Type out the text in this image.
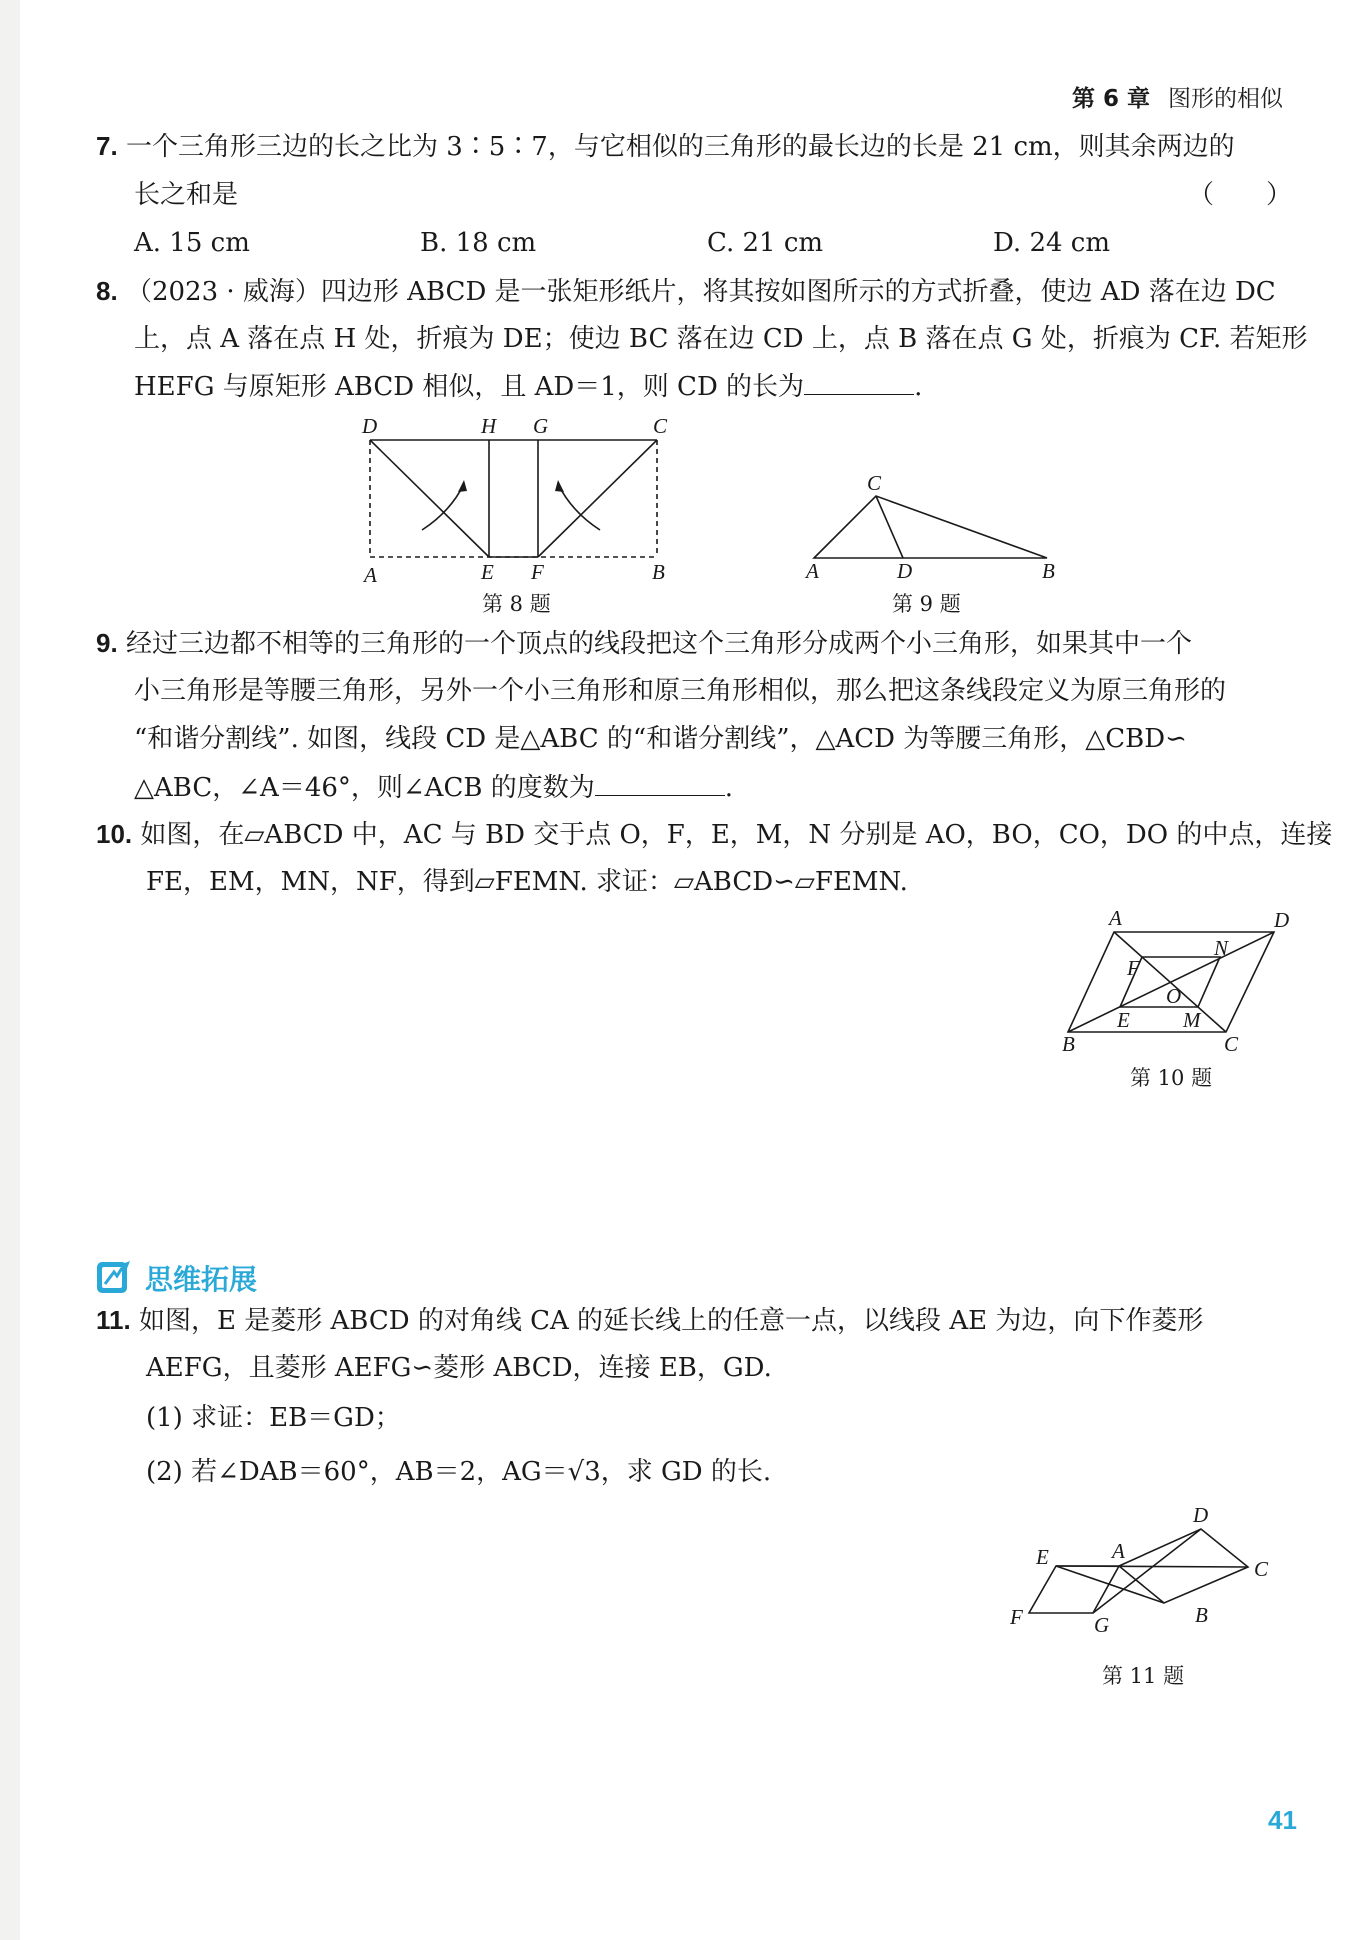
第 6 章 图形的相似
7. 一个三角形三边的长之比为 3∶5∶7，与它相似的三角形的最长边的长是 21 cm，则其余两边的
长之和是	（　　）
A. 15 cm	B. 18 cm	C. 21 cm	D. 24 cm
8. （2023 · 威海）四边形 ABCD 是一张矩形纸片，将其按如图所示的方式折叠，使边 AD 落在边 DC
上，点 A 落在点 H 处，折痕为 DE；使边 BC 落在边 CD 上，点 B 落在点 G 处，折痕为 CF. 若矩形
HEFG 与原矩形 ABCD 相似，且 AD＝1，则 CD 的长为	.
D	H G	C
A	E F	B
第 8 题
C
A	D	B
第 9 题
9. 经过三边都不相等的三角形的一个顶点的线段把这个三角形分成两个小三角形，如果其中一个
小三角形是等腰三角形，另外一个小三角形和原三角形相似，那么把这条线段定义为原三角形的
“和谐分割线”. 如图，线段 CD 是△ABC 的“和谐分割线”，△ACD 为等腰三角形，△CBD∽
△ABC，∠A＝46°，则∠ACB 的度数为	.
10. 如图，在▱ABCD 中，AC 与 BD 交于点 O，F，E，M，N 分别是 AO，BO，CO，DO 的中点，连接
FE，EM，MN，NF，得到▱FEMN. 求证：▱ABCD∽▱FEMN.
A	D
N
F
O
E	M
B	C
第 10 题
思维拓展
11. 如图，E 是菱形 ABCD 的对角线 CA 的延长线上的任意一点，以线段 AE 为边，向下作菱形
AEFG，且菱形 AEFG∽菱形 ABCD，连接 EB，GD.
(1) 求证：EB＝GD；
(2) 若∠DAB＝60°，AB＝2，AG＝√3，求 GD 的长.
D
E	A
C
F	G	B
第 11 题
41
